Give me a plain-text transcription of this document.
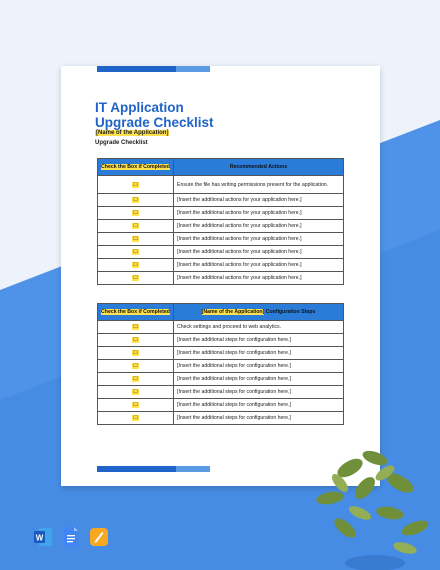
IT Application
Upgrade Checklist
[Name of the Application]
Upgrade Checklist
Check the Box if Completed	Recommended Actions
☐	Ensure the file has writing permissions present for the application.
☐	[Insert the additional actions for your application here.]
☐	[Insert the additional actions for your application here.]
☐	[Insert the additional actions for your application here.]
☐	[Insert the additional actions for your application here.]
☐	[Insert the additional actions for your application here.]
☐	[Insert the additional actions for your application here.]
☐	[Insert the additional actions for your application here.]
Check the Box if Completed	[Name of the Application] Configuration Steps
☐	Check settings and proceed to web analytics.
☐	[Insert the additional steps for configuration here.]
☐	[Insert the additional steps for configuration here.]
☐	[Insert the additional steps for configuration here.]
☐	[Insert the additional steps for configuration here.]
☐	[Insert the additional steps for configuration here.]
☐	[Insert the additional steps for configuration here.]
☐	[Insert the additional steps for configuration here.]
W
